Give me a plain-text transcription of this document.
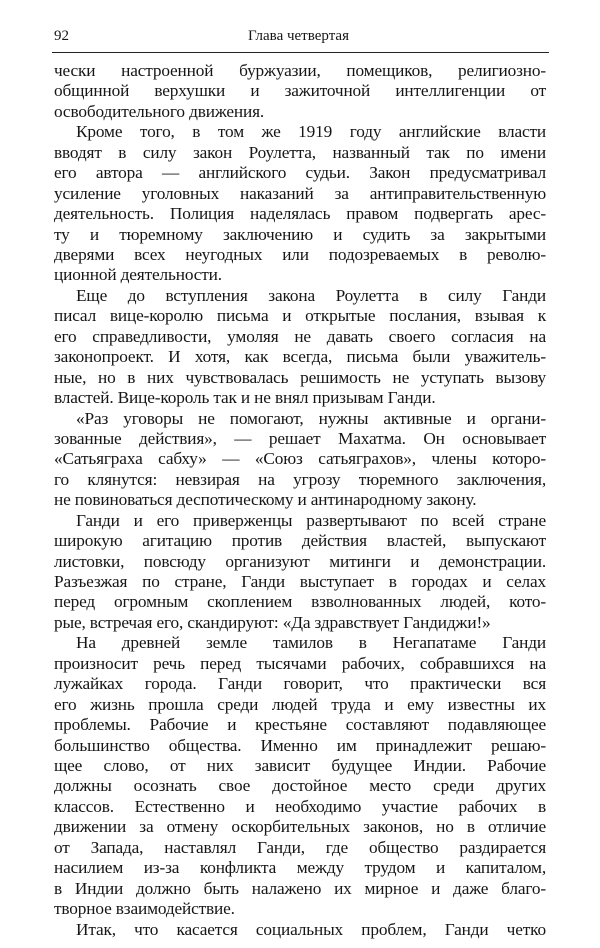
92	Глава четвертая
чески настроенной буржуазии, помещиков, религиозно-
общинной верхушки и зажиточной интеллигенции от
освободительного движения.
Кроме того, в том же 1919 году английские власти
вводят в силу закон Роулетта, названный так по имени
его автора — английского судьи. Закон предусматривал
усиление уголовных наказаний за антиправительственную
деятельность. Полиция наделялась правом подвергать арес-
ту и тюремному заключению и судить за закрытыми
дверями всех неугодных или подозреваемых в револю-
ционной деятельности.
Еще до вступления закона Роулетта в силу Ганди
писал вице-королю письма и открытые послания, взывая к
его справедливости, умоляя не давать своего согласия на
законопроект. И хотя, как всегда, письма были уважитель-
ные, но в них чувствовалась решимость не уступать вызову
властей. Вице-король так и не внял призывам Ганди.
«Раз уговоры не помогают, нужны активные и органи-
зованные действия», — решает Махатма. Он основывает
«Сатьяграха сабху» — «Союз сатьяграхов», члены которо-
го клянутся: невзирая на угрозу тюремного заключения,
не повиноваться деспотическому и антинародному закону.
Ганди и его приверженцы развертывают по всей стране
широкую агитацию против действия властей, выпускают
листовки, повсюду организуют митинги и демонстрации.
Разъезжая по стране, Ганди выступает в городах и селах
перед огромным скоплением взволнованных людей, кото-
рые, встречая его, скандируют: «Да здравствует Гандиджи!»
На древней земле тамилов в Негапатаме Ганди
произносит речь перед тысячами рабочих, собравшихся на
лужайках города. Ганди говорит, что практически вся
его жизнь прошла среди людей труда и ему известны их
проблемы. Рабочие и крестьяне составляют подавляющее
большинство общества. Именно им принадлежит решаю-
щее слово, от них зависит будущее Индии. Рабочие
должны осознать свое достойное место среди других
классов. Естественно и необходимо участие рабочих в
движении за отмену оскорбительных законов, но в отличие
от Запада, наставлял Ганди, где общество раздирается
насилием из-за конфликта между трудом и капиталом,
в Индии должно быть налажено их мирное и даже благо-
творное взаимодействие.
Итак, что касается социальных проблем, Ганди четко
